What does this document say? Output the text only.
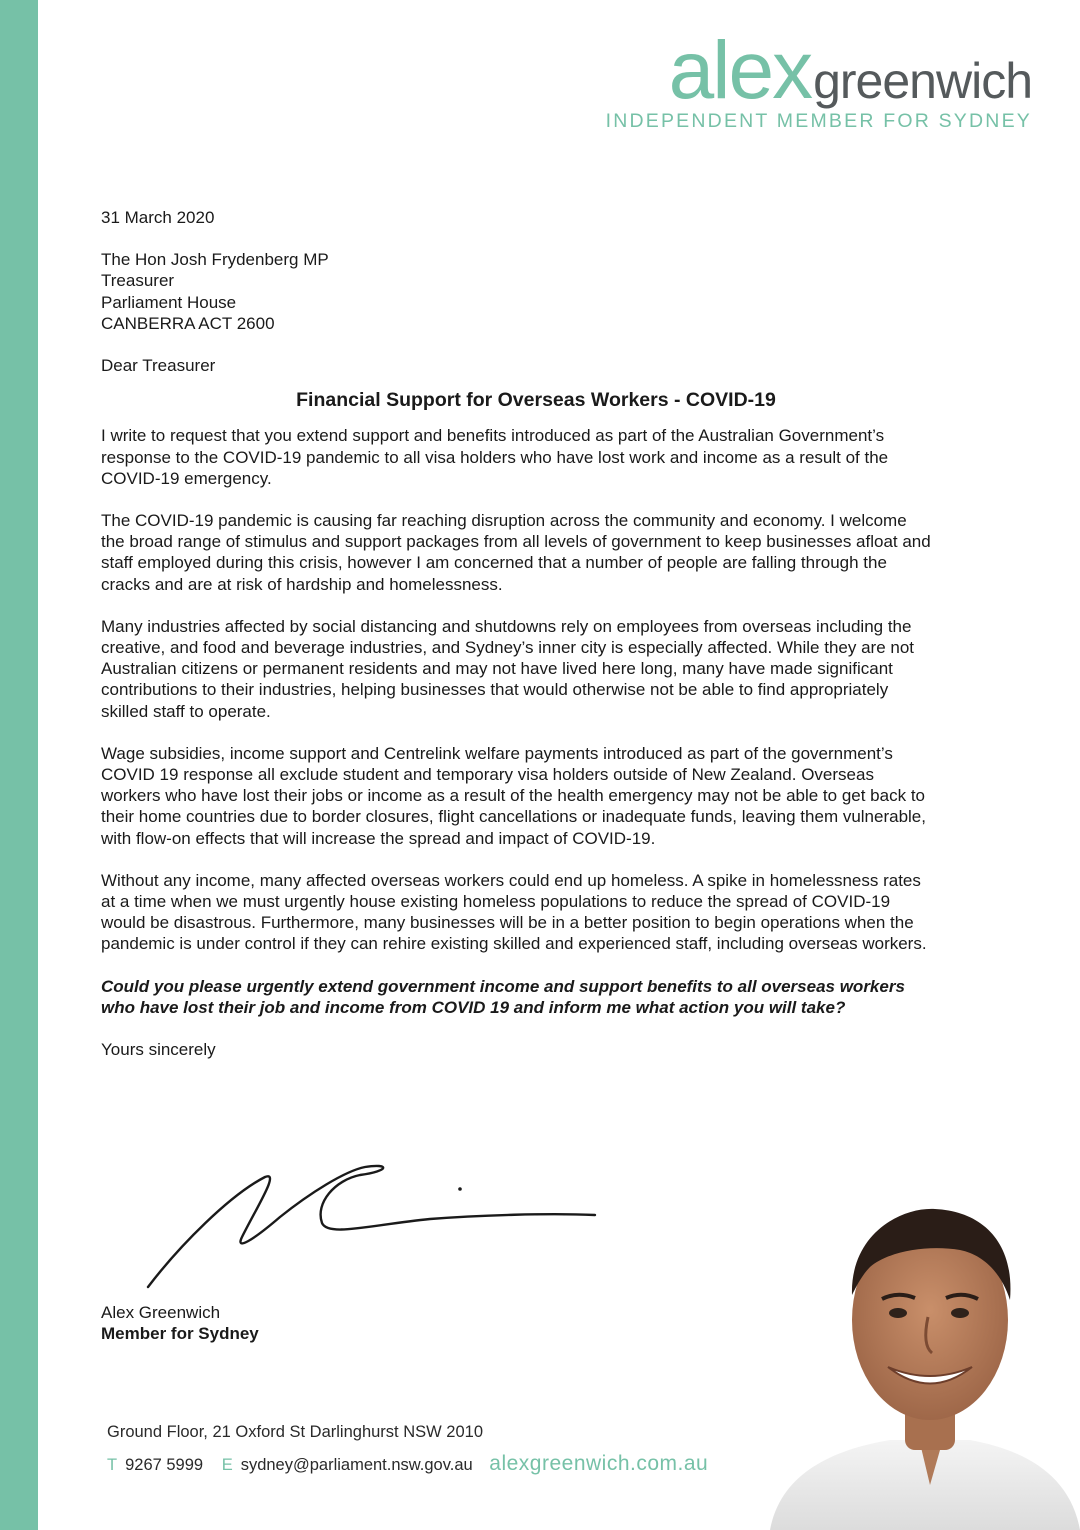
alexgreenwich
INDEPENDENT MEMBER FOR SYDNEY

31 March 2020

The Hon Josh Frydenberg MP

Treasurer

Parliament House

CANBERRA ACT 2600

Dear Treasurer

Financial Support for Overseas Workers - COVID-19

I write to request that you extend support and benefits introduced as part of the Australian Government’s response to the COVID-19 pandemic to all visa holders who have lost work and income as a result of the COVID-19 emergency.

The COVID-19 pandemic is causing far reaching disruption across the community and economy. I welcome the broad range of stimulus and support packages from all levels of government to keep businesses afloat and staff employed during this crisis, however I am concerned that a number of people are falling through the cracks and are at risk of hardship and homelessness.

Many industries affected by social distancing and shutdowns rely on employees from overseas including the creative, and food and beverage industries, and Sydney’s inner city is especially affected. While they are not Australian citizens or permanent residents and may not have lived here long, many have made significant contributions to their industries, helping businesses that would otherwise not be able to find appropriately skilled staff to operate.

Wage subsidies, income support and Centrelink welfare payments introduced as part of the government’s COVID 19 response all exclude student and temporary visa holders outside of New Zealand. Overseas workers who have lost their jobs or income as a result of the health emergency may not be able to get back to their home countries due to border closures, flight cancellations or inadequate funds, leaving them vulnerable, with flow-on effects that will increase the spread and impact of COVID-19.

Without any income, many affected overseas workers could end up homeless. A spike in homelessness rates at a time when we must urgently house existing homeless populations to reduce the spread of COVID-19 would be disastrous. Furthermore, many businesses will be in a better position to begin operations when the pandemic is under control if they can rehire existing skilled and experienced staff, including overseas workers.

Could you please urgently extend government income and support benefits to all overseas workers who have lost their job and income from COVID 19 and inform me what action you will take?

Yours sincerely

Alex Greenwich
Member for Sydney
Ground Floor, 21 Oxford St Darlinghurst NSW 2010
T 9267 5999 E sydney@parliament.nsw.gov.au alexgreenwich.com.au
